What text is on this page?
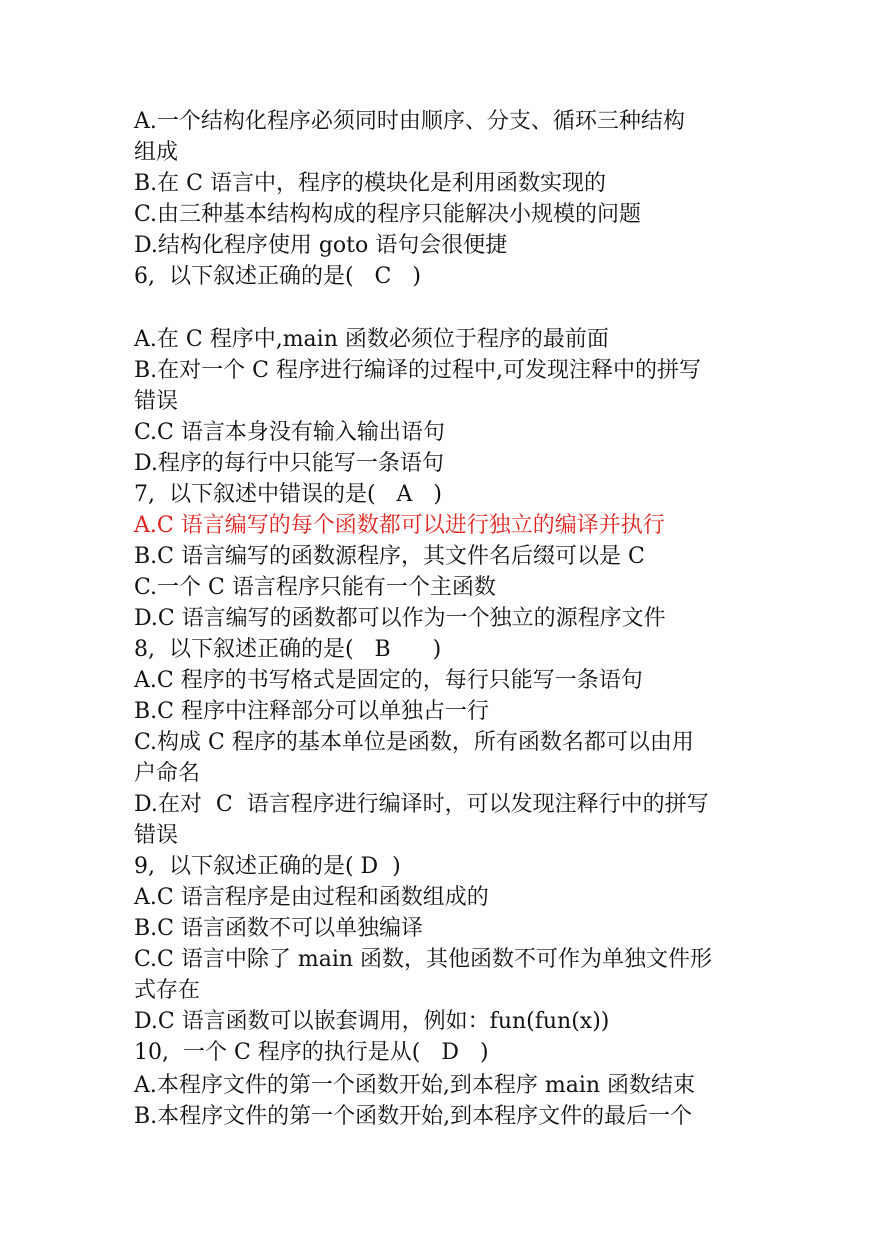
A.一个结构化程序必须同时由顺序、分支、循环三种结构
组成
B.在 C 语言中，程序的模块化是利用函数实现的
C.由三种基本结构构成的程序只能解决小规模的问题
D.结构化程序使用 goto 语句会很便捷
6,  以下叙述正确的是(   C   )
A.在 C 程序中,main 函数必须位于程序的最前面
B.在对一个 C 程序进行编译的过程中,可发现注释中的拼写
错误
C.C 语言本身没有输入输出语句
D.程序的每行中只能写一条语句
7,  以下叙述中错误的是(   A   )
A.C 语言编写的每个函数都可以进行独立的编译并执行
B.C 语言编写的函数源程序，其文件名后缀可以是 C
C.一个 C 语言程序只能有一个主函数
D.C 语言编写的函数都可以作为一个独立的源程序文件
8,  以下叙述正确的是(   B      )
A.C 程序的书写格式是固定的，每行只能写一条语句
B.C 程序中注释部分可以单独占一行
C.构成 C 程序的基本单位是函数，所有函数名都可以由用
户命名
D.在对  C  语言程序进行编译时，可以发现注释行中的拼写
错误
9,  以下叙述正确的是( D  )
A.C 语言程序是由过程和函数组成的
B.C 语言函数不可以单独编译
C.C 语言中除了 main 函数，其他函数不可作为单独文件形
式存在
D.C 语言函数可以嵌套调用，例如：fun(fun(x))
10,  一个 C 程序的执行是从(   D   )
A.本程序文件的第一个函数开始,到本程序 main 函数结束
B.本程序文件的第一个函数开始,到本程序文件的最后一个
